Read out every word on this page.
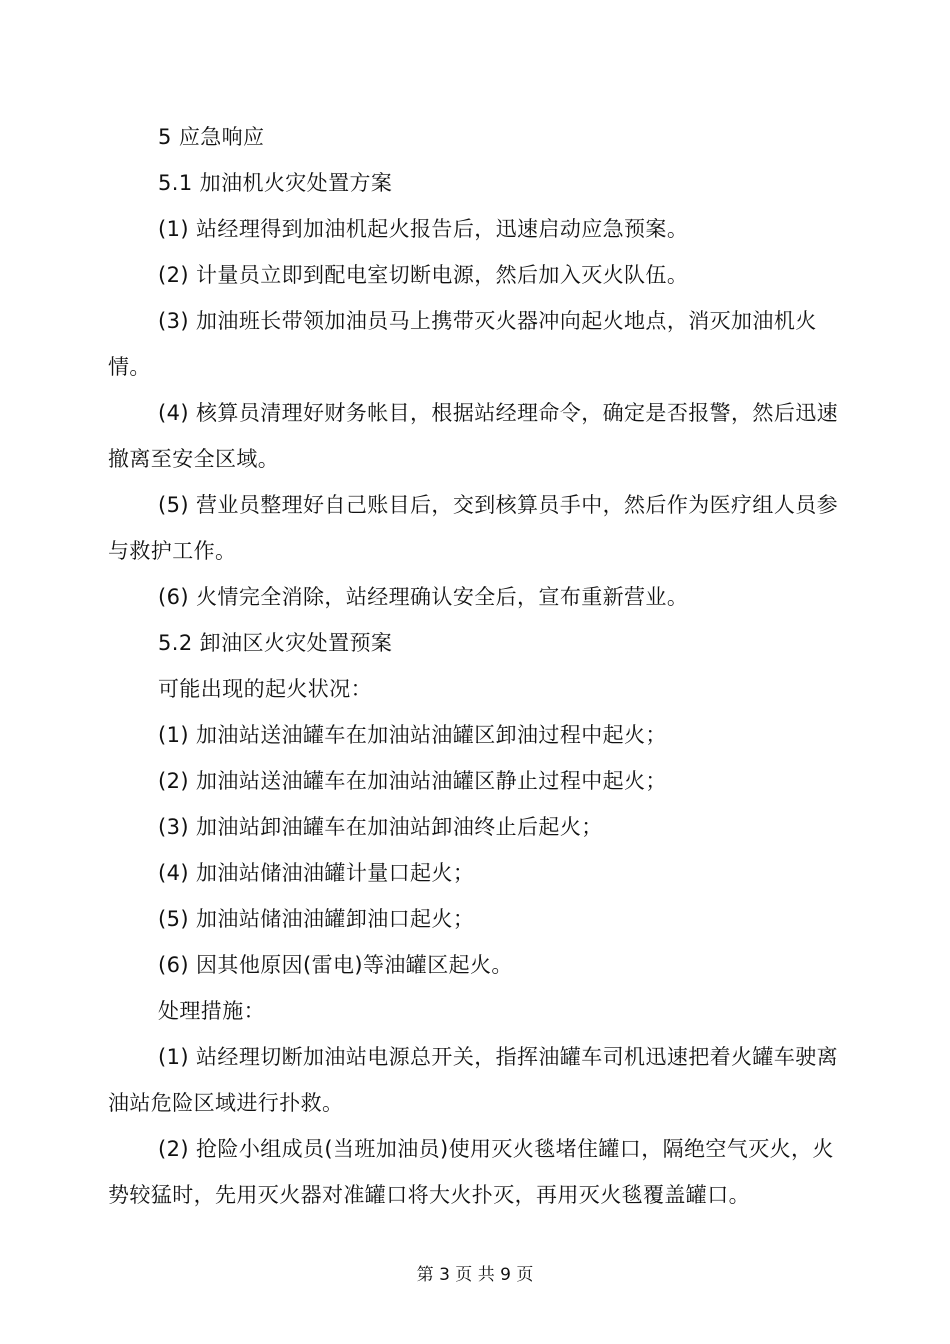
5 应急响应

5.1 加油机火灾处置方案

(1) 站经理得到加油机起火报告后，迅速启动应急预案。

(2) 计量员立即到配电室切断电源，然后加入灭火队伍。

(3) 加油班长带领加油员马上携带灭火器冲向起火地点，消灭加油机火情。

(4) 核算员清理好财务帐目，根据站经理命令，确定是否报警，然后迅速撤离至安全区域。

(5) 营业员整理好自己账目后，交到核算员手中，然后作为医疗组人员参与救护工作。

(6) 火情完全消除，站经理确认安全后，宣布重新营业。

5.2 卸油区火灾处置预案

可能出现的起火状况：

(1) 加油站送油罐车在加油站油罐区卸油过程中起火；

(2) 加油站送油罐车在加油站油罐区静止过程中起火；

(3) 加油站卸油罐车在加油站卸油终止后起火；

(4) 加油站储油油罐计量口起火；

(5) 加油站储油油罐卸油口起火；

(6) 因其他原因(雷电)等油罐区起火。

处理措施：

(1) 站经理切断加油站电源总开关，指挥油罐车司机迅速把着火罐车驶离油站危险区域进行扑救。

(2) 抢险小组成员(当班加油员)使用灭火毯堵住罐口，隔绝空气灭火，火势较猛时，先用灭火器对准罐口将大火扑灭，再用灭火毯覆盖罐口。

第 3 页 共 9 页
